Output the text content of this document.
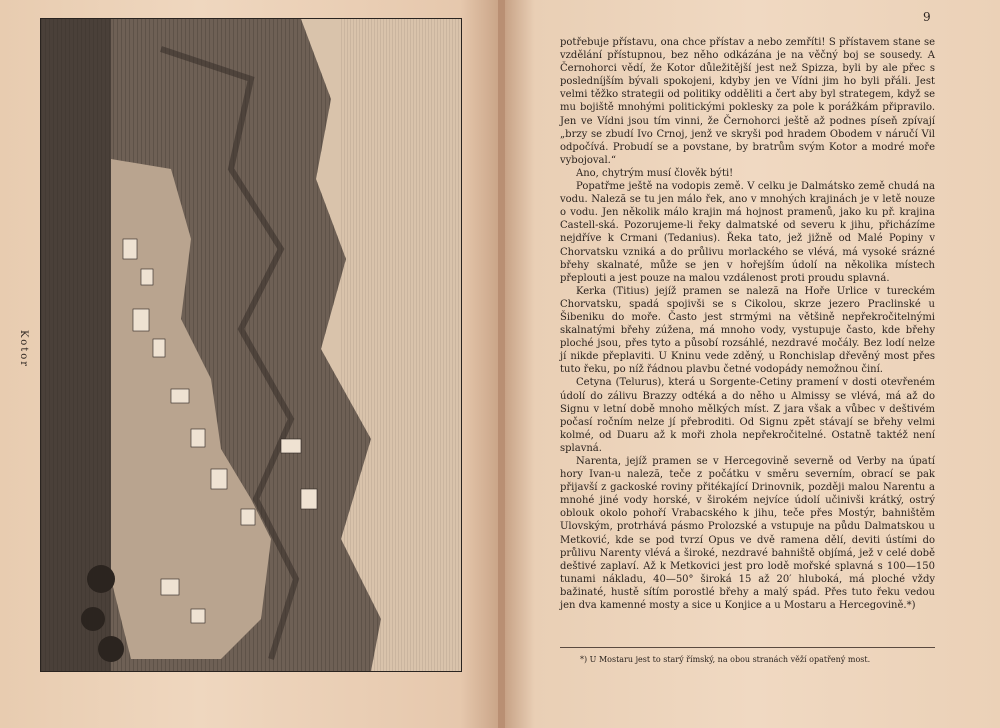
Kotor
9

potřebuje přístavu, ona chce přístav a nebo zemříti! S přístavem stane se vzdělání přístupnou, bez něho odkázána je na věčný boj se sousedy. A Černohorci vědí, že Kotor důležitější jest než Spizza, byli by ale přec s posledníjším bývali spokojeni, kdyby jen ve Vídni jim ho byli přáli. Jest velmi těžko strategii od politiky odděliti a čert aby byl strategem, když se mu bojiště mnohými politickými poklesky za pole k porážkám připravilo. Jen ve Vídni jsou tím vinni, že Černohorci ještě až podnes píseň zpívají „brzy se zbudí Ivo Crnoj, jenž ve skryši pod hradem Obodem v náručí Vil odpočívá. Probudí se a povstane, by bratrům svým Kotor a modré moře vybojoval.“

Ano, chytrým musí člověk býti!

Popatřme ještě na vodopis země. V celku je Dalmátsko země chudá na vodu. Naleză se tu jen málo řek, ano v mnohých krajinách je v letě nouze o vodu. Jen několik málo krajin má hojnost pramenů, jako ku př. krajina Castell-ská. Pozorujeme-li řeky dalmatské od severu k jihu, přicházíme nejdříve k Crmani (Tedanius). Řeka tato, jež jižně od Malé Popiny v Chorvatsku vzniká a do průlivu morlackého se vlévá, má vysoké srázné břehy skalnaté, může se jen v hořejším údolí na několika místech přeplouti a jest pouze na malou vzdálenost proti proudu splavná.

Kerka (Titius) jejíž pramen se naleză na Hoře Urlice v tureckém Chorvatsku, spadá spojivši se s Cikolou, skrze jezero Praclinské u Šibeniku do moře. Často jest strmými na většině nepřekročitelnými skalnatými břehy zúžena, má mnoho vody, vystupuje často, kde břehy ploché jsou, přes tyto a působí rozsáhlé, nezdravé močály. Bez lodí nelze jí nikde přeplaviti. U Kninu vede zděný, u Ronchislap dřevěný most přes tuto řeku, po níž řádnou plavbu četné vodopády nemožnou činí.

Cetyna (Telurus), která u Sorgente-Cetiny pramení v dosti otevřeném údolí do zálivu Brazzy odtéká a do něho u Almissy se vlévá, má až do Signu v letní době mnoho mělkých míst. Z jara však a vůbec v deštivém počasí ročním nelze jí přebroditi. Od Signu zpět stávají se břehy velmi kolmé, od Duaru až k moři zhola nepřekročitelné. Ostatně taktéž není splavná.

Narenta, jejíž pramen se v Hercegovině severně od Verby na úpatí hory Ivan-u naleză, teče z počátku v směru severním, obrací se pak přijavší z gackoské roviny přitékající Drinovnik, později malou Narentu a mnohé jiné vody horské, v širokém nejvíce údolí učinivši krátký, ostrý oblouk okolo pohoří Vrabacského k jihu, teče přes Mostýr, bahništěm Ulovským, protrhává pásmo Prolozské a vstupuje na půdu Dalmatskou u Metković, kde se pod tvrzí Opus ve dvě ramena dělí, deviti ústími do průlivu Narenty vlévá a široké, nezdravé bahniště objímá, jež v celé době deštivé zaplaví. Až k Metkovici jest pro lodě mořské splavná s 100—150 tunami nákladu, 40—50° široká 15 až 20′ hluboká, má ploché vždy bažinaté, hustě sítím porostlé břehy a malý spád. Přes tuto řeku vedou jen dva kamenné mosty a sice u Konjice a u Mostaru a Hercegovině.*)

*) U Mostaru jest to starý římský, na obou stranách věží opatřený most.
